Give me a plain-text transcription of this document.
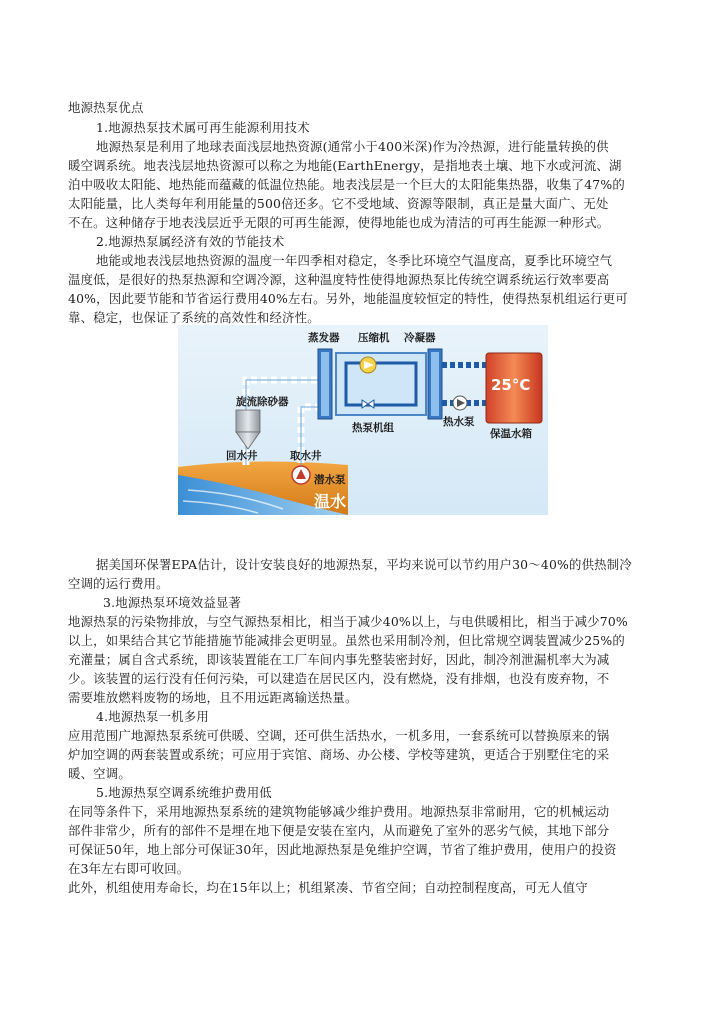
地源热泵优点
1.地源热泵技术属可再生能源利用技术
地源热泵是利用了地球表面浅层地热资源(通常小于400米深)作为冷热源，进行能量转换的供
暖空调系统。地表浅层地热资源可以称之为地能(EarthEnergy，是指地表土壤、地下水或河流、湖
泊中吸收太阳能、地热能而蕴藏的低温位热能。地表浅层是一个巨大的太阳能集热器，收集了47%的
太阳能量，比人类每年利用能量的500倍还多。它不受地域、资源等限制，真正是量大面广、无处
不在。这种储存于地表浅层近乎无限的可再生能源，使得地能也成为清洁的可再生能源一种形式。
2.地源热泵属经济有效的节能技术
地能或地表浅层地热资源的温度一年四季相对稳定，冬季比环境空气温度高，夏季比环境空气
温度低，是很好的热泵热源和空调冷源，这种温度特性使得地源热泵比传统空调系统运行效率要高
40%，因此要节能和节省运行费用40%左右。另外，地能温度较恒定的特性，使得热泵机组运行更可
靠、稳定，也保证了系统的高效性和经济性。
蒸发器 压缩机 冷凝器
25°C
旋流除砂器
热水泵
热泵机组	保温水箱
回水井	取水井
潜水泵
温水
据美国环保署EPA估计，设计安装良好的地源热泵，平均来说可以节约用户30～40%的供热制冷
空调的运行费用。
3.地源热泵环境效益显著
地源热泵的污染物排放，与空气源热泵相比，相当于减少40%以上，与电供暖相比，相当于减少70%
以上，如果结合其它节能措施节能减排会更明显。虽然也采用制冷剂，但比常规空调装置减少25%的
充灌量；属自含式系统，即该装置能在工厂车间内事先整装密封好，因此，制冷剂泄漏机率大为减
少。该装置的运行没有任何污染，可以建造在居民区内，没有燃烧，没有排烟，也没有废弃物，不
需要堆放燃料废物的场地，且不用远距离输送热量。
4.地源热泵一机多用
应用范围广地源热泵系统可供暖、空调，还可供生活热水，一机多用，一套系统可以替换原来的锅
炉加空调的两套装置或系统；可应用于宾馆、商场、办公楼、学校等建筑，更适合于别墅住宅的采
暖、空调。
5.地源热泵空调系统维护费用低
在同等条件下，采用地源热泵系统的建筑物能够减少维护费用。地源热泵非常耐用，它的机械运动
部件非常少，所有的部件不是埋在地下便是安装在室内，从而避免了室外的恶劣气候，其地下部分
可保证50年，地上部分可保证30年，因此地源热泵是免维护空调，节省了维护费用，使用户的投资
在3年左右即可收回。
此外，机组使用寿命长，均在15年以上；机组紧凑、节省空间；自动控制程度高，可无人值守
